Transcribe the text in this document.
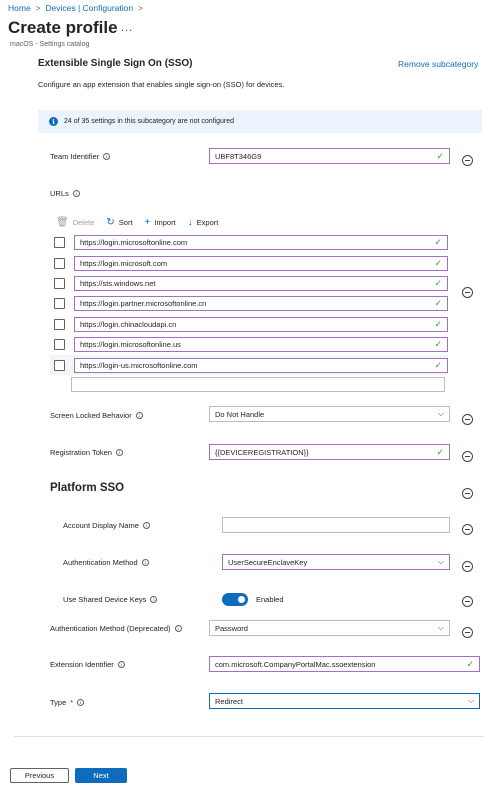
Home > Devices | Configuration >
Create profile ...
macOS - Settings catalog
Extensible Single Sign On (SSO)	Remove subcategory
Configure an app extension that enables single sign-on (SSO) for devices.
i	24 of 35 settings in this subcategory are not configured
Team Identifier	i	UBF8T346G9	✓
URLs	i
🗑 Delete ↻ Sort + Import ↓ Export
https://login.microsoftonline.com	✓
https://login.microsoft.com	✓
https://sts.windows.net	✓
https://login.partner.microsoftonline.cn	✓
https://login.chinacloudapi.cn	✓
https://login.microsoftonline.us	✓
https://login-us.microsoftonline.com	✓
Screen Locked Behavior	i	Do Not Handle	⌵
Registration Token	i	{{DEVICEREGISTRATION}}	✓
Platform SSO
Account Display Name	i
Authentication Method	i	UserSecureEnclaveKey	⌵
Use Shared Device Keys	i	Enabled
Authentication Method (Deprecated)	i	Password	⌵
Extension Identifier	i	com.microsoft.CompanyPortalMac.ssoextension	✓
Type *	i	Redirect	⌵
Previous	Next
